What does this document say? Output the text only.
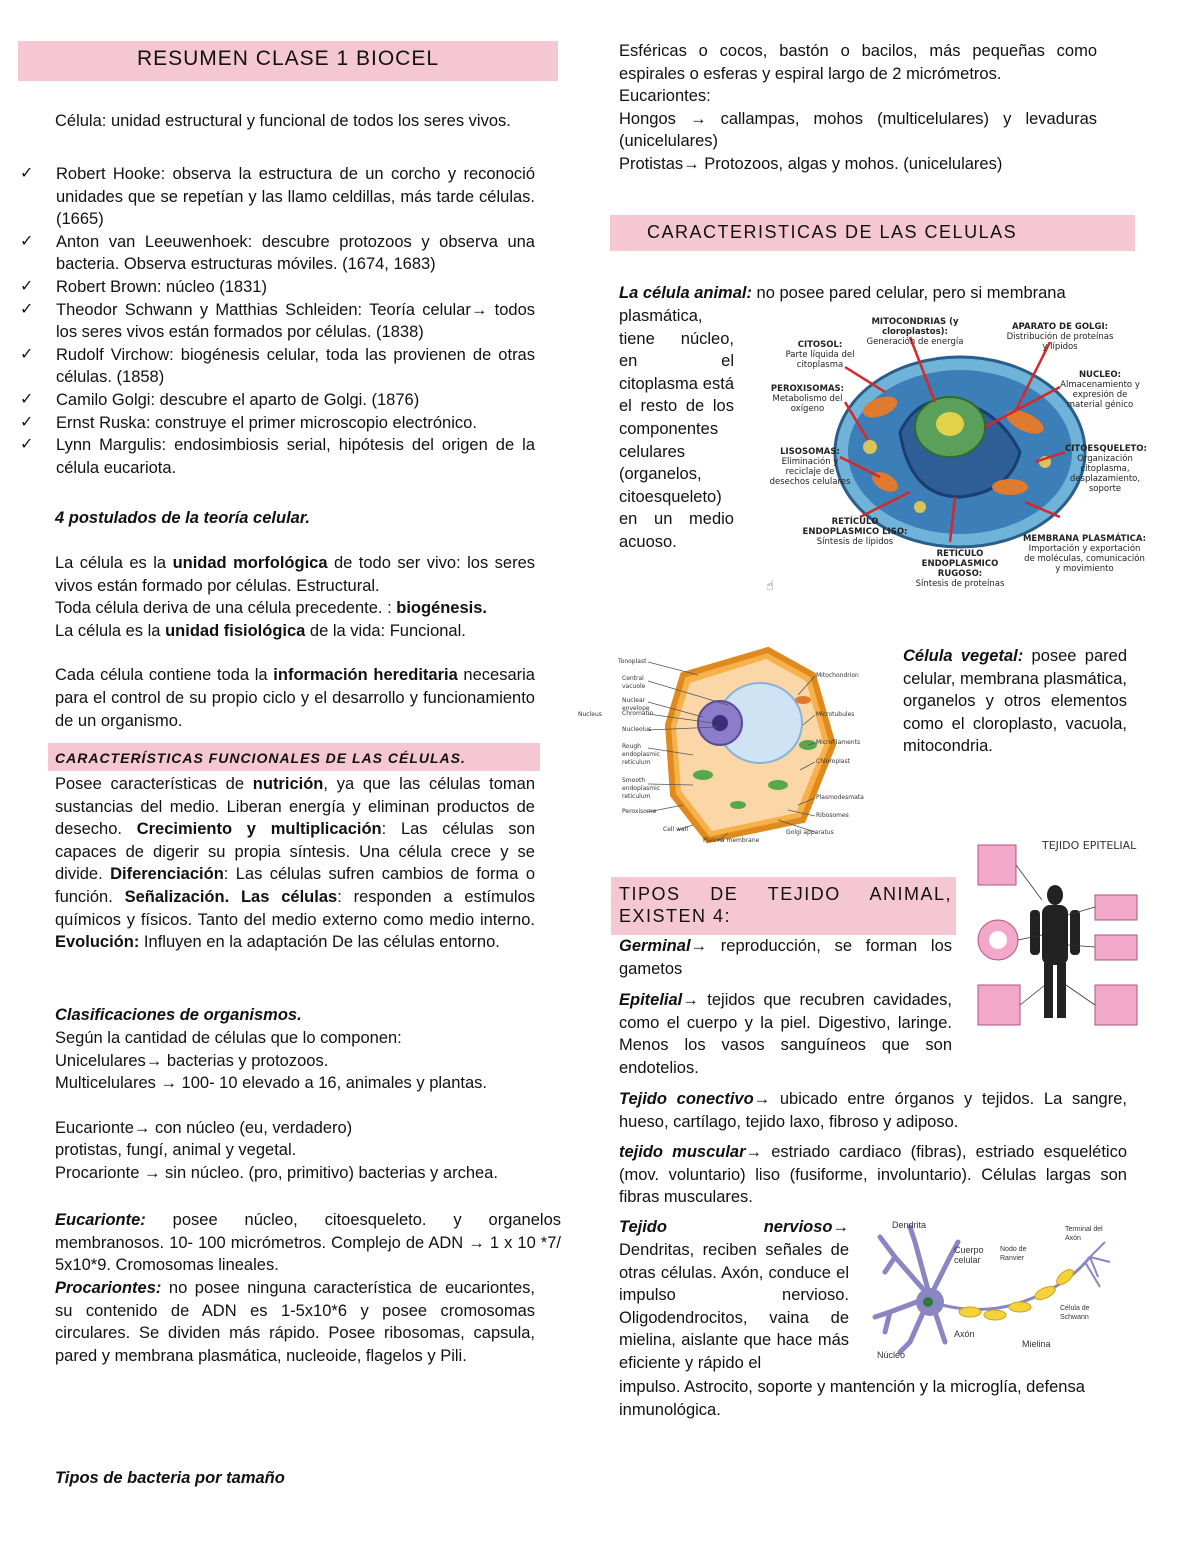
RESUMEN CLASE 1 BIOCEL

Célula: unidad estructural y funcional de todos los seres vivos.

✓ Robert Hooke: observa la estructura de un corcho y reconoció unidades que se repetían y las llamo celdillas, más tarde células. (1665)
✓ Anton van Leeuwenhoek: descubre protozoos y observa una bacteria. Observa estructuras móviles. (1674, 1683)
✓ Robert Brown: núcleo (1831)
✓ Theodor Schwann y Matthias Schleiden: Teoría celular→ todos los seres vivos están formados por células. (1838)
✓ Rudolf Virchow: biogénesis celular, toda las provienen de otras células. (1858)
✓ Camilo Golgi: descubre el aparto de Golgi. (1876)
✓ Ernst Ruska: construye el primer microscopio electrónico.
✓ Lynn Margulis: endosimbiosis serial, hipótesis del origen de la célula eucariota.

4 postulados de la teoría celular.

La célula es la unidad morfológica de todo ser vivo: los seres vivos están formado por células. Estructural.

Toda célula deriva de una célula precedente. : biogénesis.

La célula es la unidad fisiológica de la vida: Funcional.

Cada célula contiene toda la información hereditaria necesaria para el control de su propio ciclo y el desarrollo y funcionamiento de un organismo.

CARACTERÍSTICAS FUNCIONALES DE LAS CÉLULAS.

Posee características de nutrición, ya que las células toman sustancias del medio. Liberan energía y eliminan productos de desecho. Crecimiento y multiplicación: Las células son capaces de digerir su propia síntesis. Una célula crece y se divide. Diferenciación: Las células sufren cambios de forma o función. Señalización. Las células: responden a estímulos químicos y físicos. Tanto del medio externo como medio interno. Evolución: Influyen en la adaptación De las células entorno.

Clasificaciones de organismos.

Según la cantidad de células que lo componen:

Unicelulares→ bacterias y protozoos.

Multicelulares → 100- 10 elevado a 16, animales y plantas.

Eucarionte→ con núcleo (eu, verdadero)

protistas, fungí, animal y vegetal.

Procarionte → sin núcleo. (pro, primitivo) bacterias y archea.

Eucarionte: posee núcleo, citoesqueleto. y organelos membranosos. 10- 100 micrómetros. Complejo de ADN → 1 x 10 *7/ 5x10*9. Cromosomas lineales.

Procariontes: no posee ninguna característica de eucariontes, su contenido de ADN es 1-5x10*6 y posee cromosomas circulares. Se dividen más rápido. Posee ribosomas, capsula, pared y membrana plasmática, nucleoide, flagelos y Pili.

Tipos de bacteria por tamaño

Esféricas o cocos, bastón o bacilos, más pequeñas como espirales o esferas y espiral largo de 2 micrómetros.

Eucariontes:

Hongos → callampas, mohos (multicelulares) y levaduras (unicelulares)

Protistas→ Protozoos, algas y mohos. (unicelulares)

CARACTERISTICAS DE LAS CELULAS

La célula animal: no posee pared celular, pero si membrana

plasmática, tiene núcleo, en el citoplasma está el resto de los componentes celulares (organelos, citoesqueleto) en un medio acuoso.

CITOSOL:
Parte líquida del citoplasma
PEROXISOMAS:
Metabolismo del oxígeno
LISOSOMAS:
Eliminación y reciclaje de desechos celulares
RETÍCULO ENDOPLASMICO LISO:
Síntesis de lípidos
RETÍCULO ENDOPLASMICO RUGOSO:
Síntesis de proteínas
MITOCONDRIAS (y cloroplastos):
Generación de energía
APARATO DE GOLGI:
Distribución de proteínas y lípidos
NUCLEO:
Almacenamiento y expresión de material génico
CITOESQUELETO:
Organización citoplasma, desplazamiento, soporte
MEMBRANA PLASMÁTICA:
Importación y exportación de moléculas, comunicación y movimiento
☝
Tonoplast
Central vacuole
Nuclear envelope
Chromatin
Nucleolus
Rough endoplasmic reticulum
Smooth endoplasmic reticulum
Peroxisome
Cell wall
Plasma membrane
Nucleus
Mitochondrion
Microtubules
Microfilaments
Chloroplast
Plasmodesmata
Ribosomes
Golgi apparatus

Célula vegetal: posee pared celular, membrana plasmática, organelos y otros elementos como el cloroplasto, vacuola, mitocondria.

TEJIDO EPITELIAL

TIPOS DE TEJIDO ANIMAL, EXISTEN 4:

Germinal→ reproducción, se forman los gametos

Epitelial→ tejidos que recubren cavidades, como el cuerpo y la piel. Digestivo, laringe. Menos los vasos sanguíneos que son endotelios.

Tejido conectivo→ ubicado entre órganos y tejidos. La sangre, hueso, cartílago, tejido laxo, fibroso y adiposo.

tejido muscular→ estriado cardiaco (fibras), estriado esquelético (mov. voluntario) liso (fusiforme, involuntario). Células largas son fibras musculares.

Tejido nervioso→

Dendritas, reciben señales de otras células. Axón, conduce el impulso nervioso. Oligodendrocitos, vaina de mielina, aislante que hace más eficiente y rápido el

impulso. Astrocito, soporte y mantención y la microglía, defensa inmunológica.

Dendrita
Cuerpo celular
Nodo de Ranvier
Terminal del Axón
Célula de Schwann
Axón
Mielina
Núcleo
